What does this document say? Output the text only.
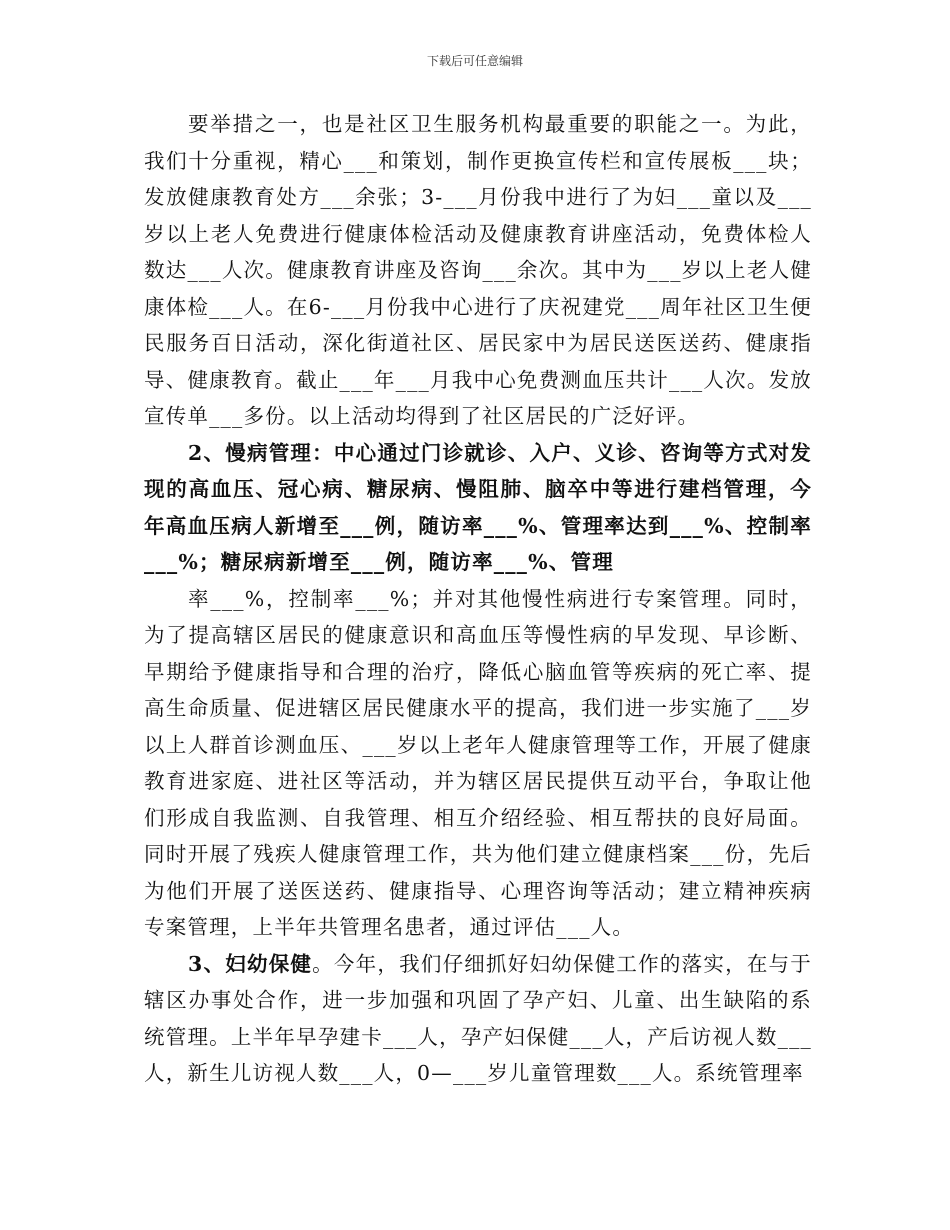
下载后可任意编辑

要举措之一，也是社区卫生服务机构最重要的职能之一。为此，我们十分重视，精心___和策划，制作更换宣传栏和宣传展板___块；发放健康教育处方___余张；3-___月份我中进行了为妇___童以及___岁以上老人免费进行健康体检活动及健康教育讲座活动，免费体检人数达___人次。健康教育讲座及咨询___余次。其中为___岁以上老人健康体检___人。在6-___月份我中心进行了庆祝建党___周年社区卫生便民服务百日活动，深化街道社区、居民家中为居民送医送药、健康指导、健康教育。截止___年___月我中心免费测血压共计___人次。发放宣传单___多份。以上活动均得到了社区居民的广泛好评。

2、慢病管理：中心通过门诊就诊、入户、义诊、咨询等方式对发现的高血压、冠心病、糖尿病、慢阻肺、脑卒中等进行建档管理，今年高血压病人新增至___例，随访率___%、管理率达到___%、控制率___%；糖尿病新增至___例，随访率___%、管理

率___%，控制率___%；并对其他慢性病进行专案管理。同时，为了提高辖区居民的健康意识和高血压等慢性病的早发现、早诊断、早期给予健康指导和合理的治疗，降低心脑血管等疾病的死亡率、提高生命质量、促进辖区居民健康水平的提高，我们进一步实施了___岁以上人群首诊测血压、___岁以上老年人健康管理等工作，开展了健康教育进家庭、进社区等活动，并为辖区居民提供互动平台，争取让他们形成自我监测、自我管理、相互介绍经验、相互帮扶的良好局面。同时开展了残疾人健康管理工作，共为他们建立健康档案___份，先后为他们开展了送医送药、健康指导、心理咨询等活动；建立精神疾病专案管理，上半年共管理名患者，通过评估___人。

3、妇幼保健。今年，我们仔细抓好妇幼保健工作的落实，在与于辖区办事处合作，进一步加强和巩固了孕产妇、儿童、出生缺陷的系统管理。上半年早孕建卡___人，孕产妇保健___人，产后访视人数___人，新生儿访视人数___人，0—___岁儿童管理数___人。系统管理率
